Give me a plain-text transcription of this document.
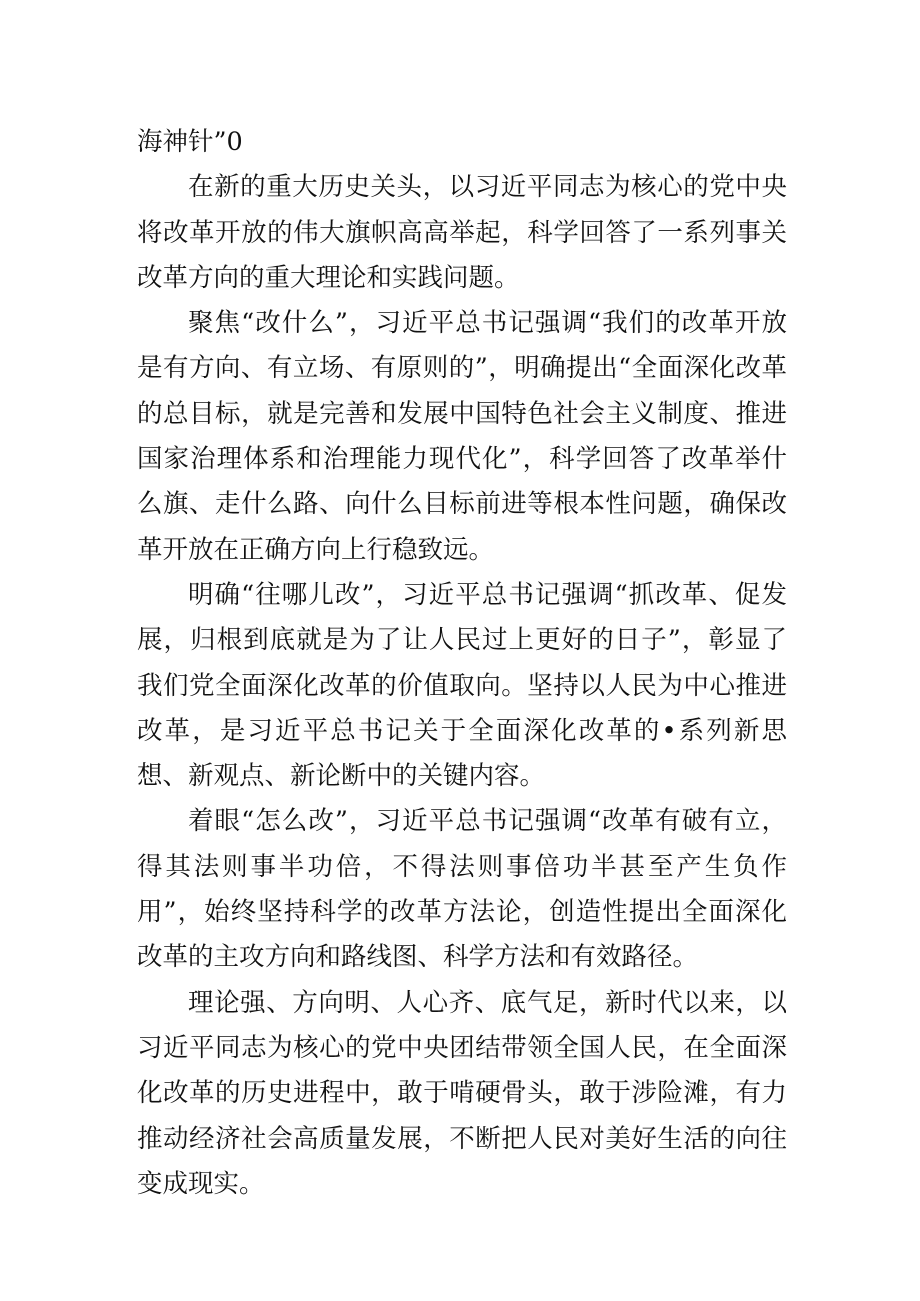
海神针”0

在新的重大历史关头，以习近平同志为核心的党中央将改革开放的伟大旗帜高高举起，科学回答了一系列事关改革方向的重大理论和实践问题。

聚焦“改什么”，习近平总书记强调“我们的改革开放是有方向、有立场、有原则的”，明确提出“全面深化改革的总目标，就是完善和发展中国特色社会主义制度、推进国家治理体系和治理能力现代化”，科学回答了改革举什么旗、走什么路、向什么目标前进等根本性问题，确保改革开放在正确方向上行稳致远。

明确“往哪儿改”，习近平总书记强调“抓改革、促发展，归根到底就是为了让人民过上更好的日子”，彰显了我们党全面深化改革的价值取向。坚持以人民为中心推进改革，是习近平总书记关于全面深化改革的•系列新思想、新观点、新论断中的关键内容。

着眼“怎么改”，习近平总书记强调“改革有破有立，得其法则事半功倍，不得法则事倍功半甚至产生负作用”，始终坚持科学的改革方法论，创造性提出全面深化改革的主攻方向和路线图、科学方法和有效路径。

理论强、方向明、人心齐、底气足，新时代以来，以习近平同志为核心的党中央团结带领全国人民，在全面深化改革的历史进程中，敢于啃硬骨头，敢于涉险滩，有力推动经济社会高质量发展，不断把人民对美好生活的向往变成现实。
